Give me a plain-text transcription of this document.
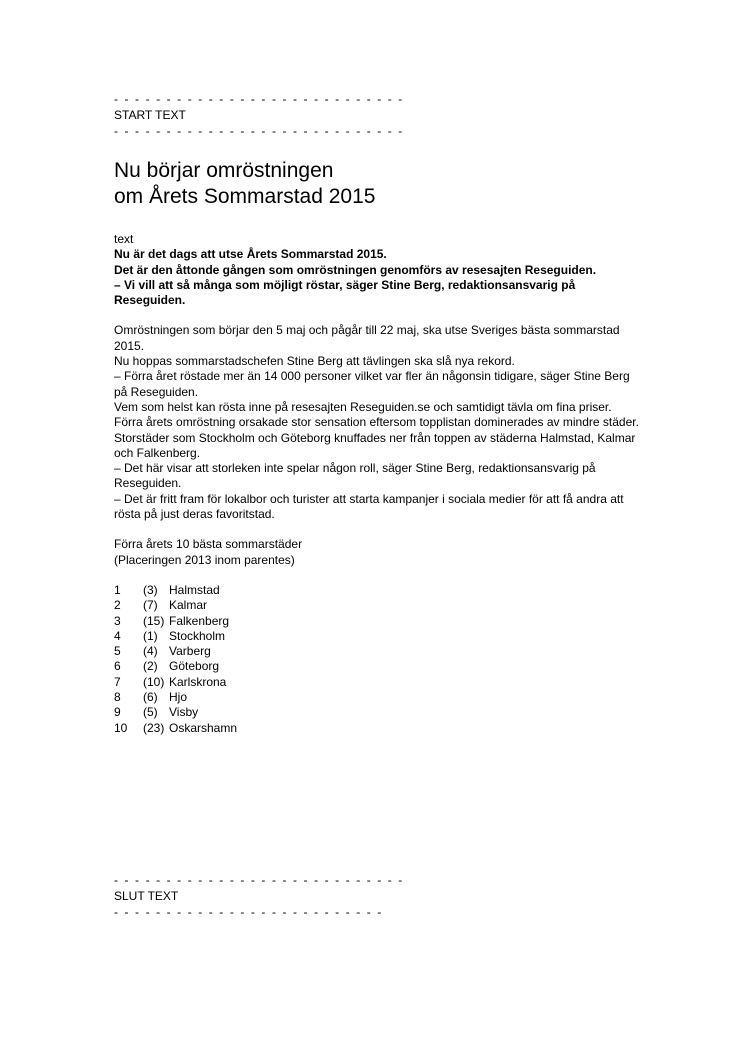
- - - - - - - - - - - - - - - - - - - - - - - - - - - -

START TEXT

- - - - - - - - - - - - - - - - - - - - - - - - - - - -

Nu börjar omröstningen
om Årets Sommarstad 2015

text

Nu är det dags att utse Årets Sommarstad 2015.

Det är den åttonde gången som omröstningen genomförs av resesajten Reseguiden.

– Vi vill att så många som möjligt röstar, säger Stine Berg, redaktionsansvarig på Reseguiden.

Omröstningen som börjar den 5 maj och pågår till 22 maj, ska utse Sveriges bästa sommarstad 2015.

Nu hoppas sommarstadschefen Stine Berg att tävlingen ska slå nya rekord.

– Förra året röstade mer än 14 000 personer vilket var fler än någonsin tidigare, säger Stine Berg på Reseguiden.

Vem som helst kan rösta inne på resesajten Reseguiden.se och samtidigt tävla om fina priser.

Förra årets omröstning orsakade stor sensation eftersom topplistan dominerades av mindre städer. Storstäder som Stockholm och Göteborg knuffades ner från toppen av städerna Halmstad, Kalmar och Falkenberg.

– Det här visar att storleken inte spelar någon roll, säger Stine Berg, redaktionsansvarig på Reseguiden.

– Det är fritt fram för lokalbor och turister att starta kampanjer i sociala medier för att få andra att rösta på just deras favoritstad.

Förra årets 10 bästa sommarstäder

(Placeringen 2013 inom parentes)

1	(3) Halmstad
2	(7) Kalmar
3	(15) Falkenberg
4	(1) Stockholm
5	(4) Varberg
6	(2) Göteborg
7	(10) Karlskrona
8	(6) Hjo
9	(5) Visby
10	(23) Oskarshamn

- - - - - - - - - - - - - - - - - - - - - - - - - - - -

SLUT TEXT

- - - - - - - - - - - - - - - - - - - - - - - - - -
